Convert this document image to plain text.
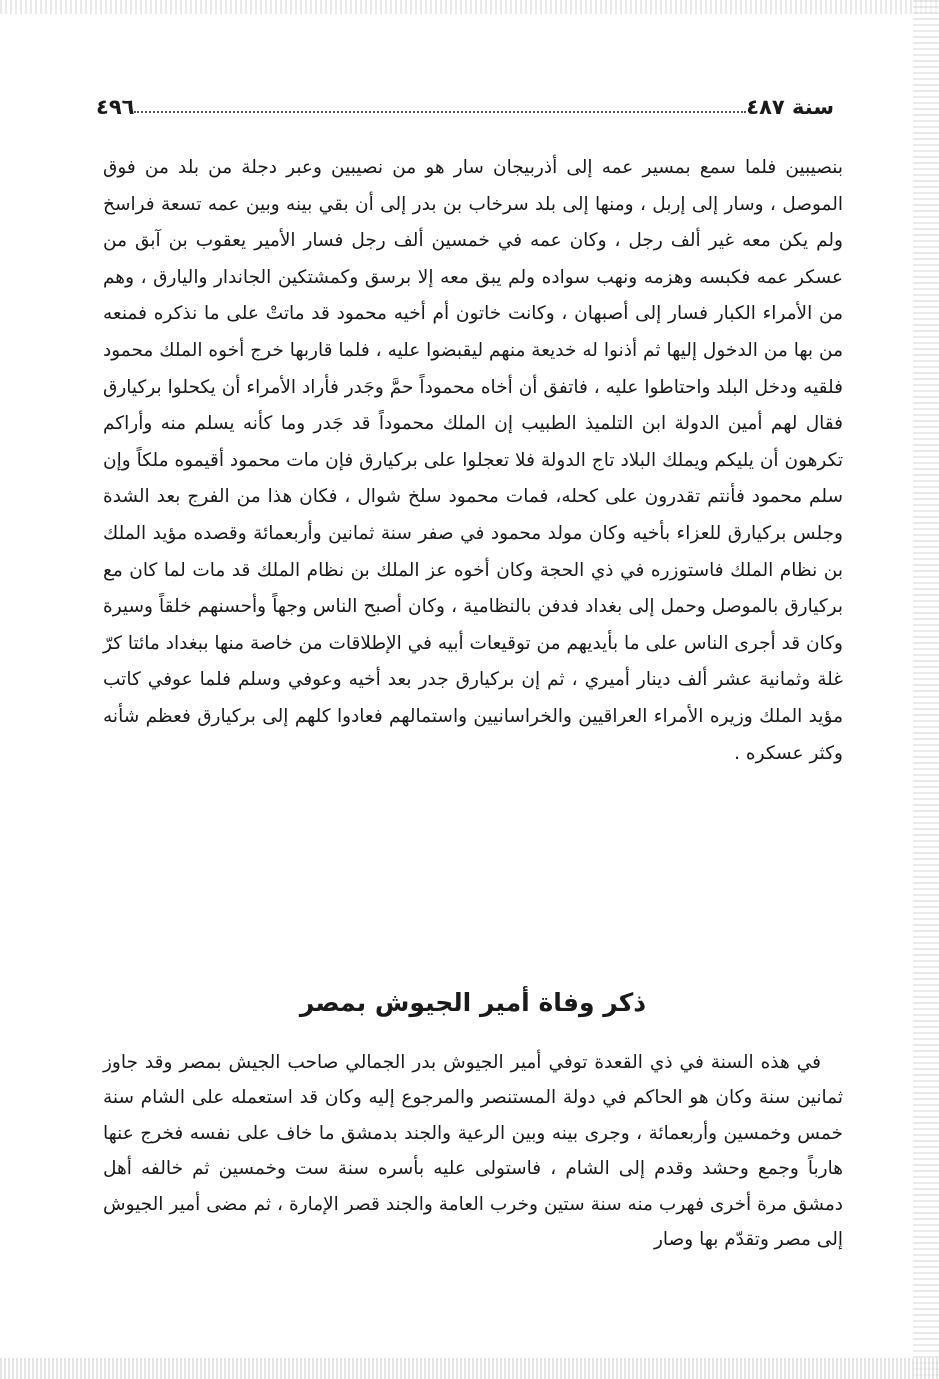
٤٩٦	سنة ٤٨٧

بنصيبين فلما سمع بمسير عمه إلى أذربيجان سار هو من نصيبين وعبر دجلة من بلد من فوق الموصل ، وسار إلى إربل ، ومنها إلى بلد سرخاب بن بدر إلى أن بقي بينه وبين عمه تسعة فراسخ ولم يكن معه غير ألف رجل ، وكان عمه في خمسين ألف رجل فسار الأمير يعقوب بن آبق من عسكر عمه فكبسه وهزمه ونهب سواده ولم يبق معه إلا برسق وكمشتكين الجاندار واليارق ، وهم من الأمراء الكبار فسار إلى أصبهان ، وكانت خاتون أم أخيه محمود قد ماتتْ على ما نذكره فمنعه من بها من الدخول إليها ثم أذنوا له خديعة منهم ليقبضوا عليه ، فلما قاربها خرج أخوه الملك محمود فلقيه ودخل البلد واحتاطوا عليه ، فاتفق أن أخاه محموداً حمَّ وجَدر فأراد الأمراء أن يكحلوا بركيارق فقال لهم أمين الدولة ابن التلميذ الطبيب إن الملك محموداً قد جَدر وما كأنه يسلم منه وأراكم تكرهون أن يليكم ويملك البلاد تاج الدولة فلا تعجلوا على بركيارق فإن مات محمود أقيموه ملكاً وإن سلم محمود فأنتم تقدرون على كحله، فمات محمود سلخ شوال ، فكان هذا من الفرج بعد الشدة وجلس بركيارق للعزاء بأخيه وكان مولد محمود في صفر سنة ثمانين وأربعمائة وقصده مؤيد الملك بن نظام الملك فاستوزره في ذي الحجة وكان أخوه عز الملك بن نظام الملك قد مات لما كان مع بركيارق بالموصل وحمل إلى بغداد فدفن بالنظامية ، وكان أصبح الناس وجهاً وأحسنهم خلقاً وسيرة وكان قد أجرى الناس على ما بأيديهم من توقيعات أبيه في الإطلاقات من خاصة منها ببغداد مائتا كرّ غلة وثمانية عشر ألف دينار أميري ، ثم إن بركيارق جدر بعد أخيه وعوفي وسلم فلما عوفي كاتب مؤيد الملك وزيره الأمراء العراقيين والخراسانيين واستمالهم فعادوا كلهم إلى بركيارق فعظم شأنه وكثر عسكره .

ذكر وفاة أمير الجيوش بمصر

في هذه السنة في ذي القعدة توفي أمير الجيوش بدر الجمالي صاحب الجيش بمصر وقد جاوز ثمانين سنة وكان هو الحاكم في دولة المستنصر والمرجوع إليه وكان قد استعمله على الشام سنة خمس وخمسين وأربعمائة ، وجرى بينه وبين الرعية والجند بدمشق ما خاف على نفسه فخرج عنها هارباً وجمع وحشد وقدم إلى الشام ، فاستولى عليه بأسره سنة ست وخمسين ثم خالفه أهل دمشق مرة أخرى فهرب منه سنة ستين وخرب العامة والجند قصر الإمارة ، ثم مضى أمير الجيوش إلى مصر وتقدّم بها وصار
